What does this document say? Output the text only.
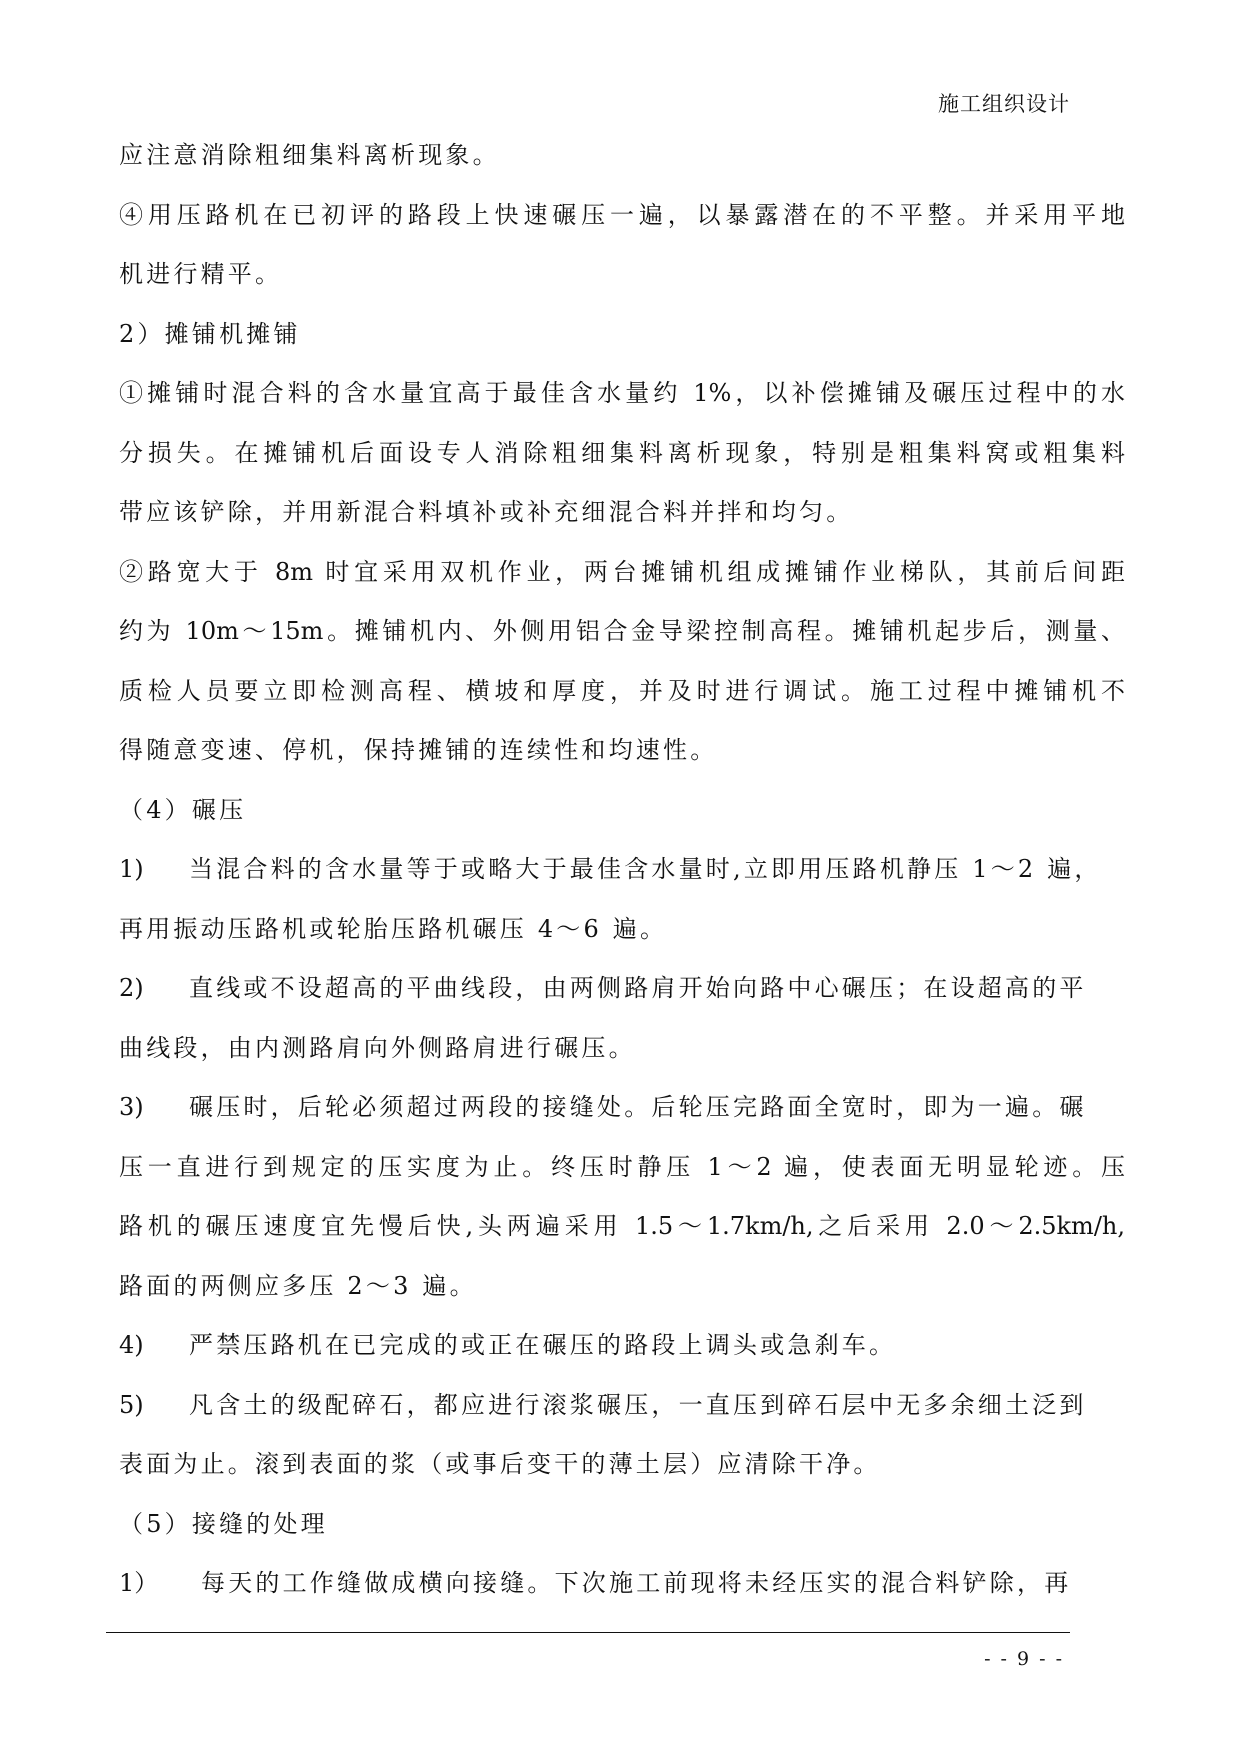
施工组织设计
应注意消除粗细集料离析现象。
④用压路机在已初评的路段上快速碾压一遍，以暴露潜在的不平整。并采用平地
机进行精平。
2）摊铺机摊铺
①摊铺时混合料的含水量宜高于最佳含水量约 1%，以补偿摊铺及碾压过程中的水
分损失。在摊铺机后面设专人消除粗细集料离析现象，特别是粗集料窝或粗集料
带应该铲除，并用新混合料填补或补充细混合料并拌和均匀。
②路宽大于 8m 时宜采用双机作业，两台摊铺机组成摊铺作业梯队，其前后间距
约为 10m～15m。摊铺机内、外侧用铝合金导梁控制高程。摊铺机起步后，测量、
质检人员要立即检测高程、横坡和厚度，并及时进行调试。施工过程中摊铺机不
得随意变速、停机，保持摊铺的连续性和均速性。
（4）碾压
1) 当混合料的含水量等于或略大于最佳含水量时,立即用压路机静压 1～2 遍，
再用振动压路机或轮胎压路机碾压 4～6 遍。
2) 直线或不设超高的平曲线段，由两侧路肩开始向路中心碾压；在设超高的平
曲线段，由内测路肩向外侧路肩进行碾压。
3) 碾压时，后轮必须超过两段的接缝处。后轮压完路面全宽时，即为一遍。碾
压一直进行到规定的压实度为止。终压时静压 1～2 遍，使表面无明显轮迹。压
路机的碾压速度宜先慢后快,头两遍采用 1.5～1.7km/h,之后采用 2.0～2.5km/h,
路面的两侧应多压 2～3 遍。
4) 严禁压路机在已完成的或正在碾压的路段上调头或急刹车。
5) 凡含土的级配碎石，都应进行滚浆碾压，一直压到碎石层中无多余细土泛到
表面为止。滚到表面的浆（或事后变干的薄土层）应清除干净。
（5）接缝的处理
1） 每天的工作缝做成横向接缝。下次施工前现将未经压实的混合料铲除，再
- - 9 - -
